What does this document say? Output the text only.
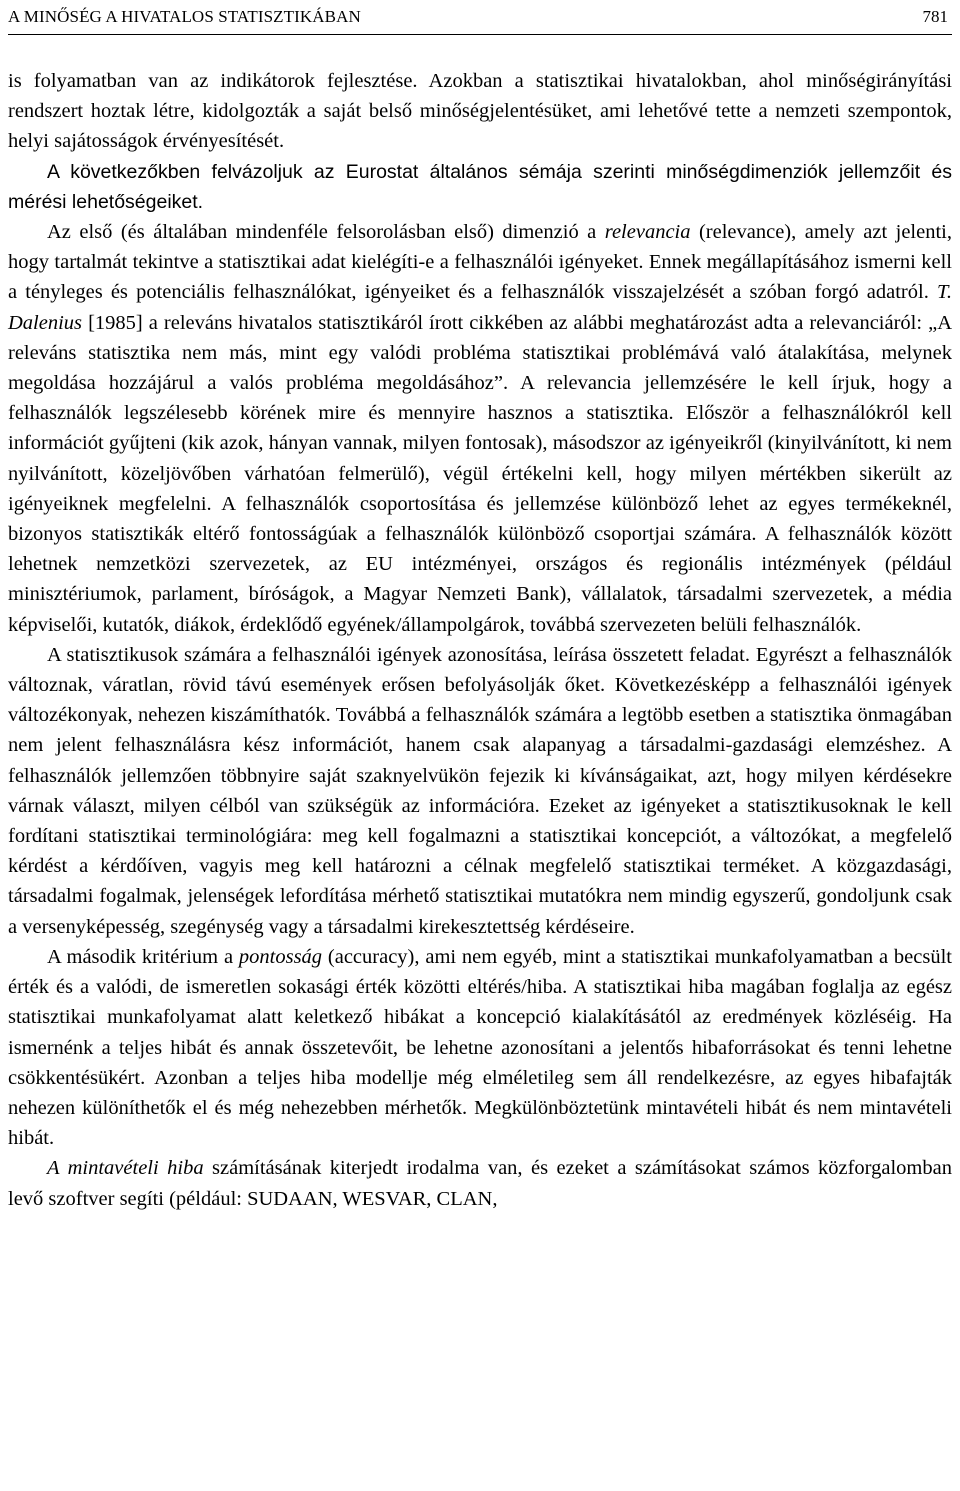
A MINŐSÉG A HIVATALOS STATISZTIKÁBAN	781

is folyamatban van az indikátorok fejlesztése. Azokban a statisztikai hivatalokban, ahol minőségirányítási rendszert hoztak létre, kidolgozták a saját belső minőségjelentésüket, ami lehetővé tette a nemzeti szempontok, helyi sajátosságok érvényesítését.

A következőkben felvázoljuk az Eurostat általános sémája szerinti minőségdimenziók jellemzőit és mérési lehetőségeiket.

Az első (és általában mindenféle felsorolásban első) dimenzió a relevancia (relevance), amely azt jelenti, hogy tartalmát tekintve a statisztikai adat kielégíti-e a felhasználói igényeket. Ennek megállapításához ismerni kell a tényleges és potenciális felhasználókat, igényeiket és a felhasználók visszajelzését a szóban forgó adatról. T. Dalenius [1985] a releváns hivatalos statisztikáról írott cikkében az alábbi meghatározást adta a relevanciáról: „A releváns statisztika nem más, mint egy valódi probléma statisztikai problémává való átalakítása, melynek megoldása hozzájárul a valós probléma megoldásához”. A relevancia jellemzésére le kell írjuk, hogy a felhasználók legszélesebb körének mire és mennyire hasznos a statisztika. Először a felhasználókról kell információt gyűjteni (kik azok, hányan vannak, milyen fontosak), másodszor az igényeikről (kinyilvánított, ki nem nyilvánított, közeljövőben várhatóan felmerülő), végül értékelni kell, hogy milyen mértékben sikerült az igényeiknek megfelelni. A felhasználók csoportosítása és jellemzése különböző lehet az egyes termékeknél, bizonyos statisztikák eltérő fontosságúak a felhasználók különböző csoportjai számára. A felhasználók között lehetnek nemzetközi szervezetek, az EU intézményei, országos és regionális intézmények (például minisztériumok, parlament, bíróságok, a Magyar Nemzeti Bank), vállalatok, társadalmi szervezetek, a média képviselői, kutatók, diákok, érdeklődő egyének/állampolgárok, továbbá szervezeten belüli felhasználók.

A statisztikusok számára a felhasználói igények azonosítása, leírása összetett feladat. Egyrészt a felhasználók változnak, váratlan, rövid távú események erősen befolyásolják őket. Következésképp a felhasználói igények változékonyak, nehezen kiszámíthatók. Továbbá a felhasználók számára a legtöbb esetben a statisztika önmagában nem jelent felhasználásra kész információt, hanem csak alapanyag a társadalmi-gazdasági elemzéshez. A felhasználók jellemzően többnyire saját szaknyelvükön fejezik ki kívánságaikat, azt, hogy milyen kérdésekre várnak választ, milyen célból van szükségük az információra. Ezeket az igényeket a statisztikusoknak le kell fordítani statisztikai terminológiára: meg kell fogalmazni a statisztikai koncepciót, a változókat, a megfelelő kérdést a kérdőíven, vagyis meg kell határozni a célnak megfelelő statisztikai terméket. A közgazdasági, társadalmi fogalmak, jelenségek lefordítása mérhető statisztikai mutatókra nem mindig egyszerű, gondoljunk csak a versenyképesség, szegénység vagy a társadalmi kirekesztettség kérdéseire.

A második kritérium a pontosság (accuracy), ami nem egyéb, mint a statisztikai munkafolyamatban a becsült érték és a valódi, de ismeretlen sokasági érték közötti eltérés/hiba. A statisztikai hiba magában foglalja az egész statisztikai munkafolyamat alatt keletkező hibákat a koncepció kialakításától az eredmények közléséig. Ha ismernénk a teljes hibát és annak összetevőit, be lehetne azonosítani a jelentős hibaforrásokat és tenni lehetne csökkentésükért. Azonban a teljes hiba modellje még elméletileg sem áll rendelkezésre, az egyes hibafajták nehezen különíthetők el és még nehezebben mérhetők. Megkülönböztetünk mintavételi hibát és nem mintavételi hibát.

A mintavételi hiba számításának kiterjedt irodalma van, és ezeket a számításokat számos közforgalomban levő szoftver segíti (például: SUDAAN, WESVAR, CLAN,
